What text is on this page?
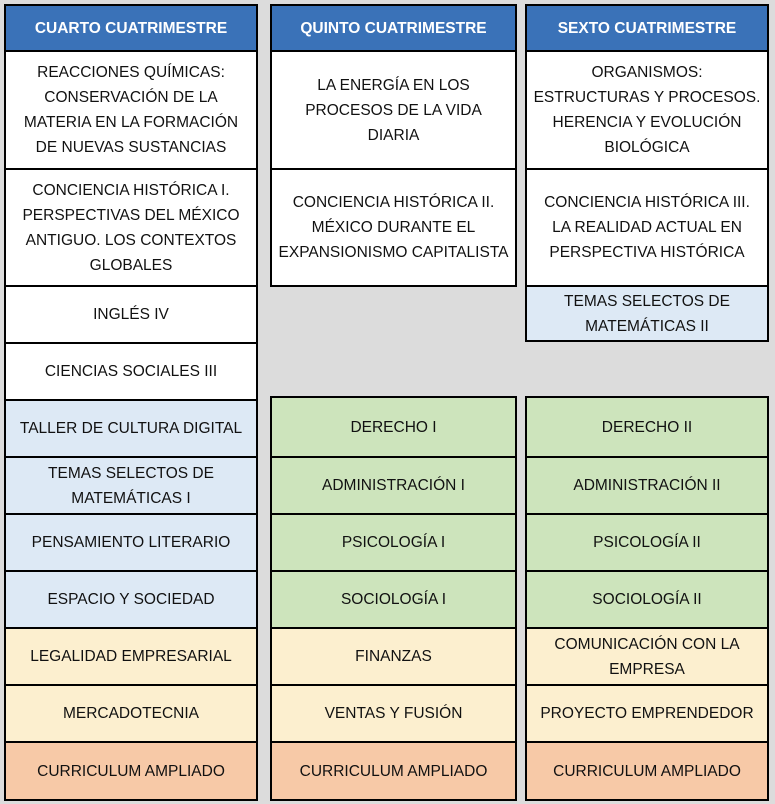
CUARTO CUATRIMESTRE
REACCIONES QUÍMICAS: CONSERVACIÓN DE LA MATERIA EN LA FORMACIÓN DE NUEVAS SUSTANCIAS
CONCIENCIA HISTÓRICA I. PERSPECTIVAS DEL MÉXICO ANTIGUO. LOS CONTEXTOS GLOBALES
INGLÉS IV
CIENCIAS SOCIALES III
TALLER DE CULTURA DIGITAL
TEMAS SELECTOS DE MATEMÁTICAS I
PENSAMIENTO LITERARIO
ESPACIO Y SOCIEDAD
LEGALIDAD EMPRESARIAL
MERCADOTECNIA
CURRICULUM AMPLIADO
QUINTO CUATRIMESTRE
LA ENERGÍA EN LOS PROCESOS DE LA VIDA DIARIA
CONCIENCIA HISTÓRICA II. MÉXICO DURANTE EL EXPANSIONISMO CAPITALISTA
DERECHO I
ADMINISTRACIÓN I
PSICOLOGÍA I
SOCIOLOGÍA I
FINANZAS
VENTAS Y FUSIÓN
CURRICULUM AMPLIADO
SEXTO CUATRIMESTRE
ORGANISMOS: ESTRUCTURAS Y PROCESOS. HERENCIA Y EVOLUCIÓN BIOLÓGICA
CONCIENCIA HISTÓRICA III. LA REALIDAD ACTUAL EN PERSPECTIVA HISTÓRICA
TEMAS SELECTOS DE MATEMÁTICAS II
DERECHO II
ADMINISTRACIÓN II
PSICOLOGÍA II
SOCIOLOGÍA II
COMUNICACIÓN CON LA EMPRESA
PROYECTO EMPRENDEDOR
CURRICULUM AMPLIADO
